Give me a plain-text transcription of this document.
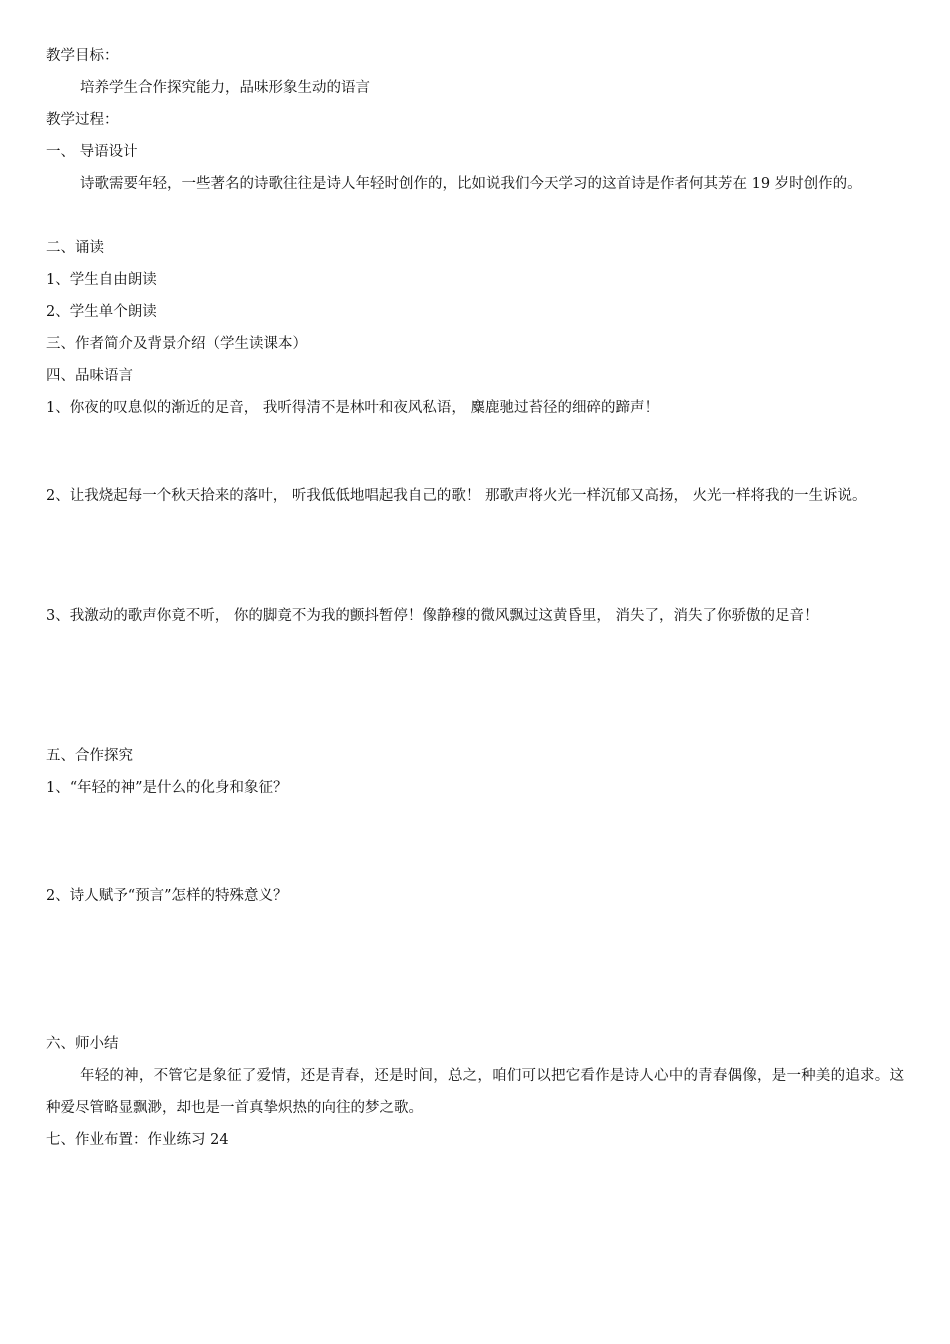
教学目标：
培养学生合作探究能力，品味形象生动的语言
教学过程：
一、 导语设计
诗歌需要年轻，一些著名的诗歌往往是诗人年轻时创作的，比如说我们今天学习的这首诗是作者何其芳在 19 岁时创作的。
二、诵读
1、学生自由朗读
2、学生单个朗读
三、作者简介及背景介绍（学生读课本）
四、品味语言
1、你夜的叹息似的渐近的足音， 我听得清不是林叶和夜风私语， 麋鹿驰过苔径的细碎的蹄声！
2、让我烧起每一个秋天拾来的落叶， 听我低低地唱起我自己的歌！ 那歌声将火光一样沉郁又高扬， 火光一样将我的一生诉说。
3、我激动的歌声你竟不听， 你的脚竟不为我的颤抖暂停！像静穆的微风飘过这黄昏里， 消失了，消失了你骄傲的足音！
五、合作探究
1、“年轻的神”是什么的化身和象征？
2、诗人赋予“预言”怎样的特殊意义？
六、师小结
年轻的神，不管它是象征了爱情，还是青春，还是时间，总之，咱们可以把它看作是诗人心中的青春偶像，是一种美的追求。这种爱尽管略显飘渺，却也是一首真挚炽热的向往的梦之歌。
七、作业布置：作业练习 24
